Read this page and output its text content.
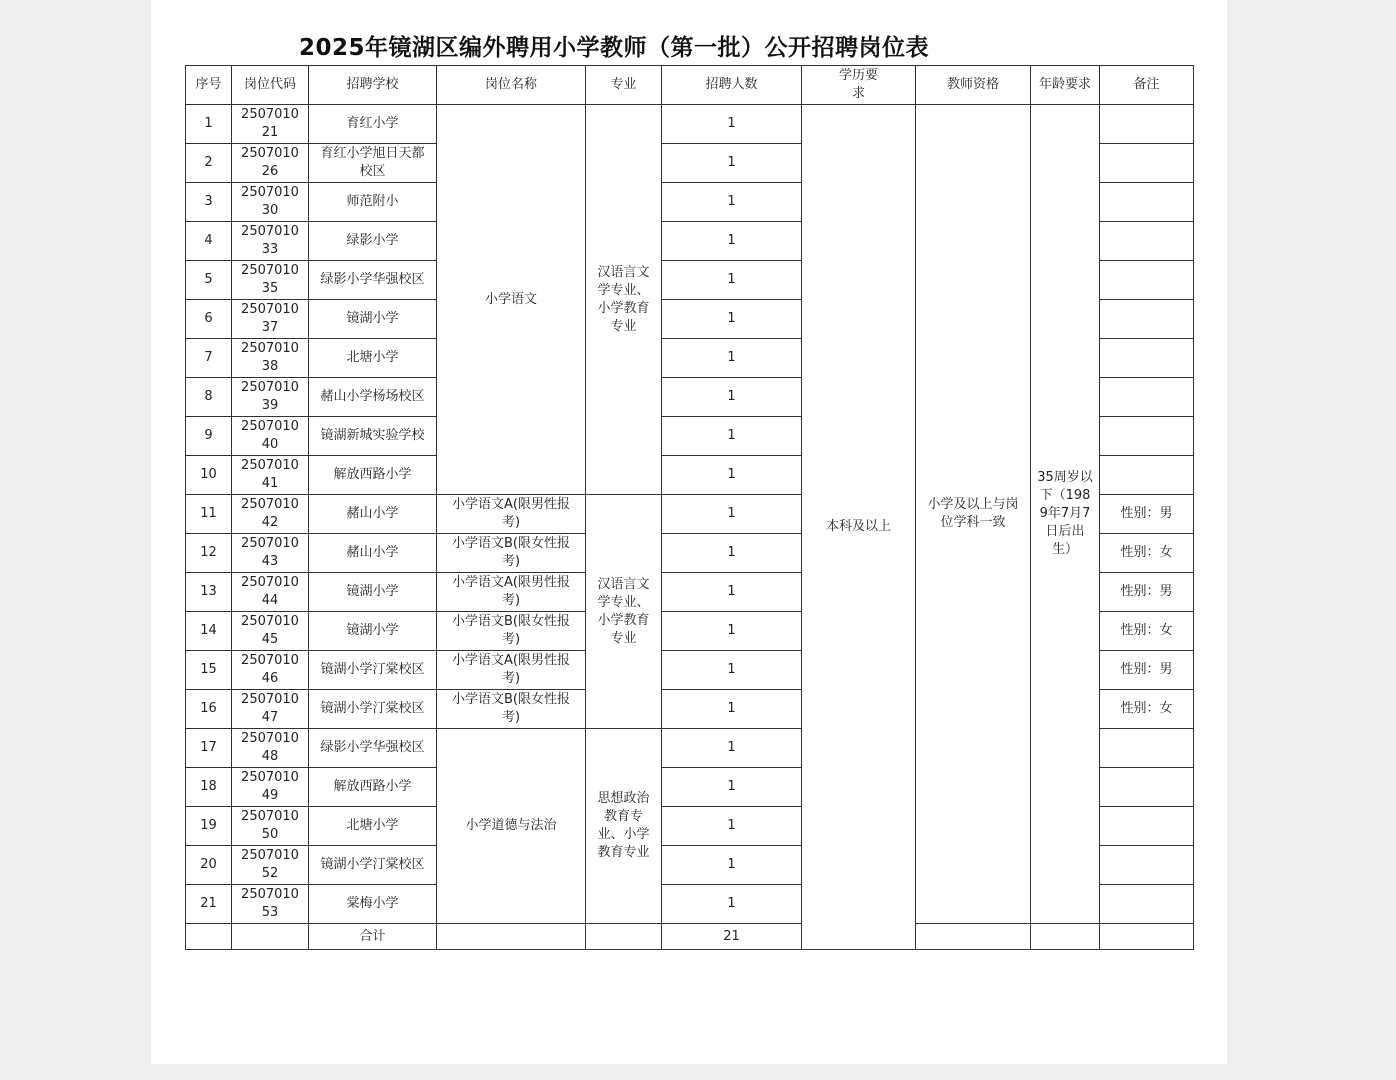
2025年镜湖区编外聘用小学教师（第一批）公开招聘岗位表
序号	岗位代码	招聘学校	岗位名称	专业	招聘人数	学历要求	教师资格	年龄要求	备注
1	250701021	育红小学	小学语文	汉语言文学专业、小学教育专业	1	本科及以上	小学及以上与岗位学科一致	35周岁以下（1989年7月7日后出生）	
2	250701026	育红小学旭日天都校区			1				
3	250701030	师范附小			1				
4	250701033	绿影小学			1				
5	250701035	绿影小学华强校区			1				
6	250701037	镜湖小学			1				
7	250701038	北塘小学			1				
8	250701039	赭山小学杨场校区			1				
9	250701040	镜湖新城实验学校			1				
10	250701041	解放西路小学			1				
11	250701042	赭山小学	小学语文A(限男性报考)	汉语言文学专业、小学教育专业	1				性别：男
12	250701043	赭山小学	小学语文B(限女性报考)		1				性别：女
13	250701044	镜湖小学	小学语文A(限男性报考)		1				性别：男
14	250701045	镜湖小学	小学语文B(限女性报考)		1				性别：女
15	250701046	镜湖小学汀棠校区	小学语文A(限男性报考)		1				性别：男
16	250701047	镜湖小学汀棠校区	小学语文B(限女性报考)		1				性别：女
17	250701048	绿影小学华强校区	小学道德与法治	思想政治教育专业、小学教育专业	1				
18	250701049	解放西路小学			1				
19	250701050	北塘小学			1				
20	250701052	镜湖小学汀棠校区			1				
21	250701053	棠梅小学			1				
		合计			21				
